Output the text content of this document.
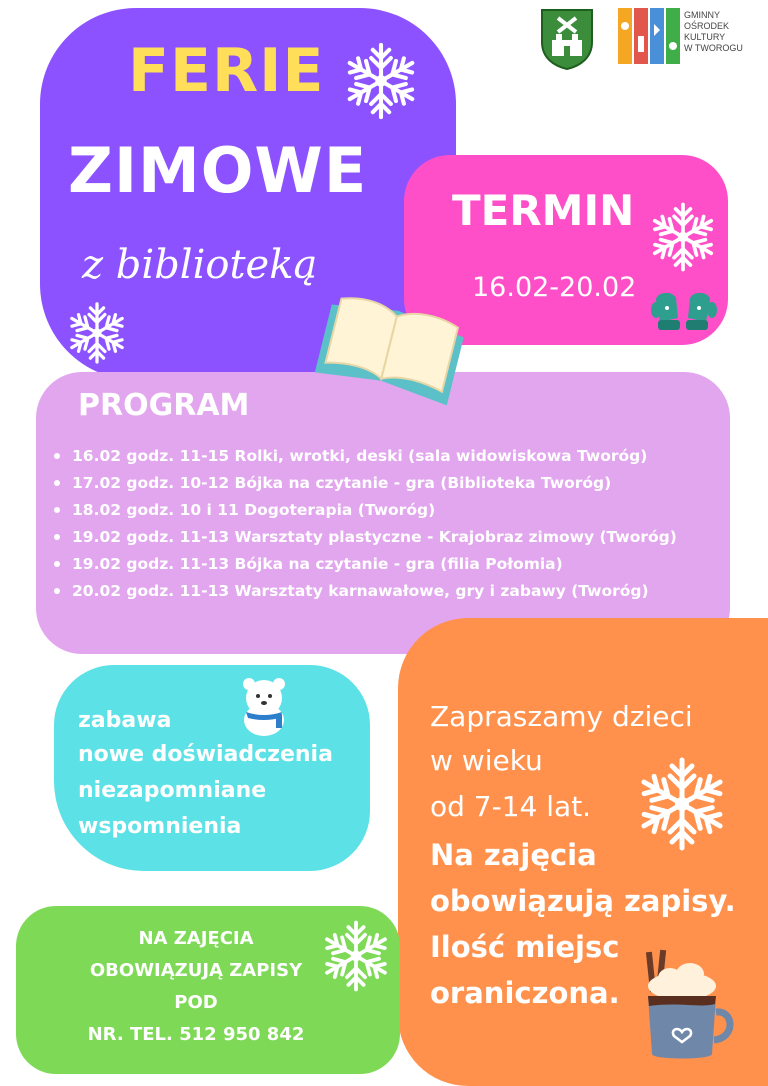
GMINNY
OŚRODEK
KULTURY
W TWOROGU
FERIE
ZIMOWE
z biblioteką
TERMIN
16.02-20.02
PROGRAM
16.02 godz. 11-15 Rolki, wrotki, deski (sala widowiskowa Tworóg)
17.02 godz. 10-12 Bójka na czytanie - gra (Biblioteka Tworóg)
18.02 godz. 10 i 11 Dogoterapia (Tworóg)
19.02 godz. 11-13 Warsztaty plastyczne - Krajobraz zimowy (Tworóg)
19.02 godz. 11-13 Bójka na czytanie - gra (filia Połomia)
20.02 godz. 11-13 Warsztaty karnawałowe, gry i zabawy (Tworóg)
zabawa
nowe doświadczenia
niezapomniane
wspomnienia
Zapraszamy dzieci
w wieku
od 7-14 lat.
Na zajęcia
obowiązują zapisy.
Ilość miejsc
oraniczona.
NA ZAJĘCIA
OBOWIĄZUJĄ ZAPISY
POD
NR. TEL. 512 950 842
